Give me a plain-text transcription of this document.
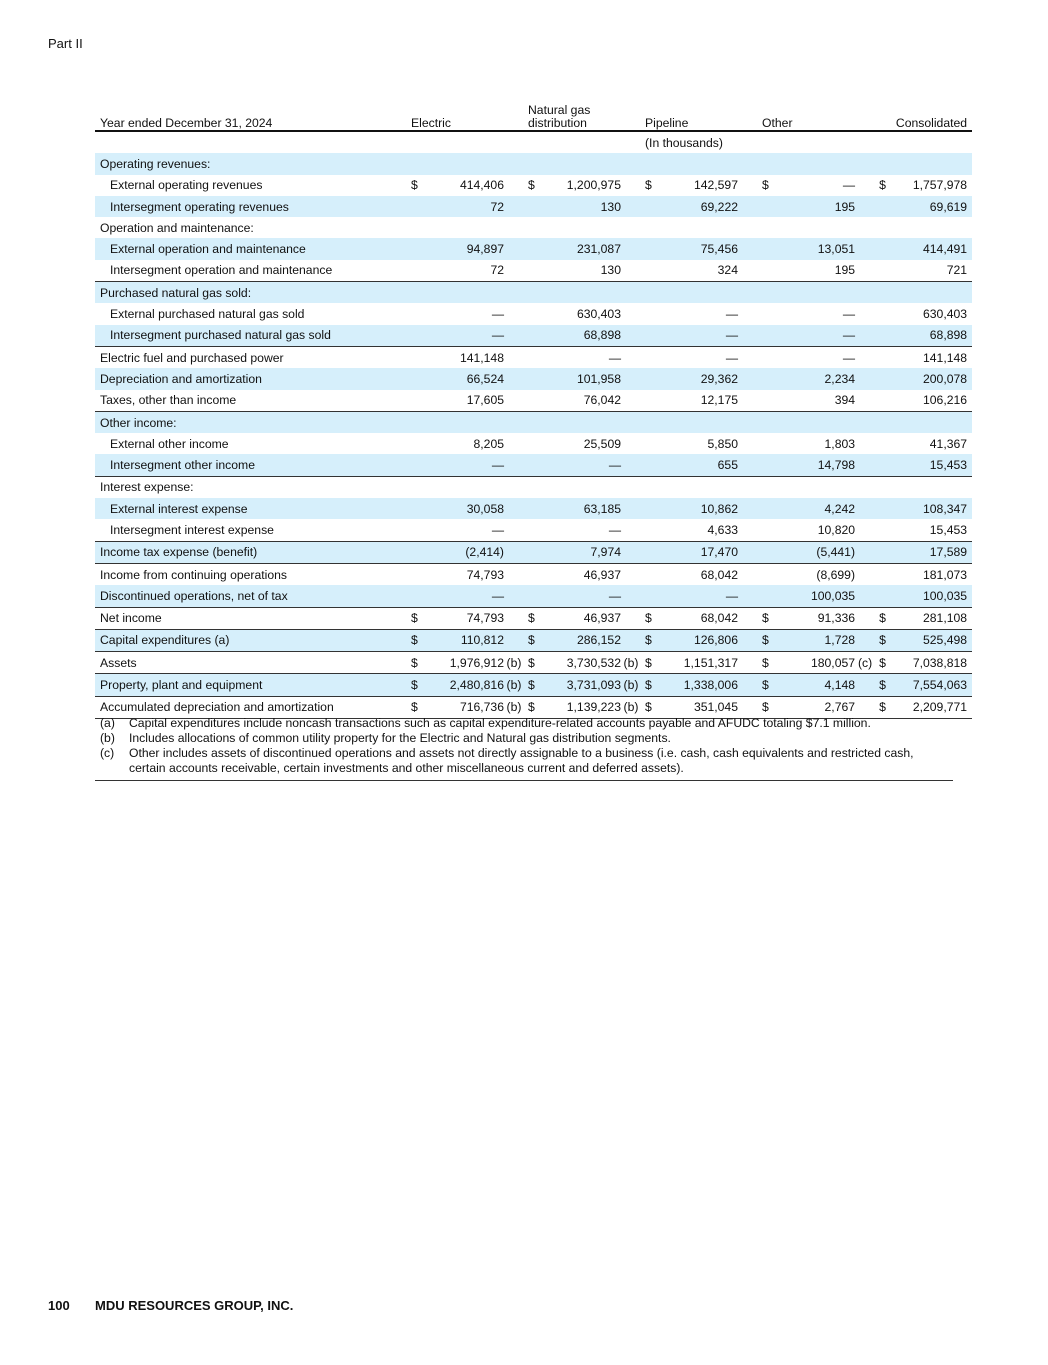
Part II
Year ended December 31, 2024	Electric			Natural gas distribution			Pipeline			Other			Consolidated	
							(In thousands)							
Operating revenues:														
External operating revenues	$	414,406		$	1,200,975		$	142,597		$	—		$	1,757,978
Intersegment operating revenues		72			130			69,222			195			69,619
Operation and maintenance:														
External operation and maintenance		94,897			231,087			75,456			13,051			414,491
Intersegment operation and maintenance		72			130			324			195			721
Purchased natural gas sold:														
External purchased natural gas sold		—			630,403			—			—			630,403
Intersegment purchased natural gas sold		—			68,898			—			—			68,898
Electric fuel and purchased power		141,148			—			—			—			141,148
Depreciation and amortization		66,524			101,958			29,362			2,234			200,078
Taxes, other than income		17,605			76,042			12,175			394			106,216
Other income:														
External other income		8,205			25,509			5,850			1,803			41,367
Intersegment other income		—			—			655			14,798			15,453
Interest expense:														
External interest expense		30,058			63,185			10,862			4,242			108,347
Intersegment interest expense		—			—			4,633			10,820			15,453
Income tax expense (benefit)		(2,414)			7,974			17,470			(5,441)			17,589
Income from continuing operations		74,793			46,937			68,042			(8,699)			181,073
Discontinued operations, net of tax		—			—			—			100,035			100,035
Net income	$	74,793		$	46,937		$	68,042		$	91,336		$	281,108
Capital expenditures (a)	$	110,812		$	286,152		$	126,806		$	1,728		$	525,498
Assets	$	1,976,912	(b)	$	3,730,532	(b)	$	1,151,317		$	180,057	(c)	$	7,038,818
Property, plant and equipment	$	2,480,816	(b)	$	3,731,093	(b)	$	1,338,006		$	4,148		$	7,554,063
Accumulated depreciation and amortization	$	716,736	(b)	$	1,139,223	(b)	$	351,045		$	2,767		$	2,209,771
(a)	Capital expenditures include noncash transactions such as capital expenditure-related accounts payable and AFUDC totaling $7.1 million.
(b)	Includes allocations of common utility property for the Electric and Natural gas distribution segments.
(c)	Other includes assets of discontinued operations and assets not directly assignable to a business (i.e. cash, cash equivalents and restricted cash, certain accounts receivable, certain investments and other miscellaneous current and deferred assets).
100 MDU RESOURCES GROUP, INC.
